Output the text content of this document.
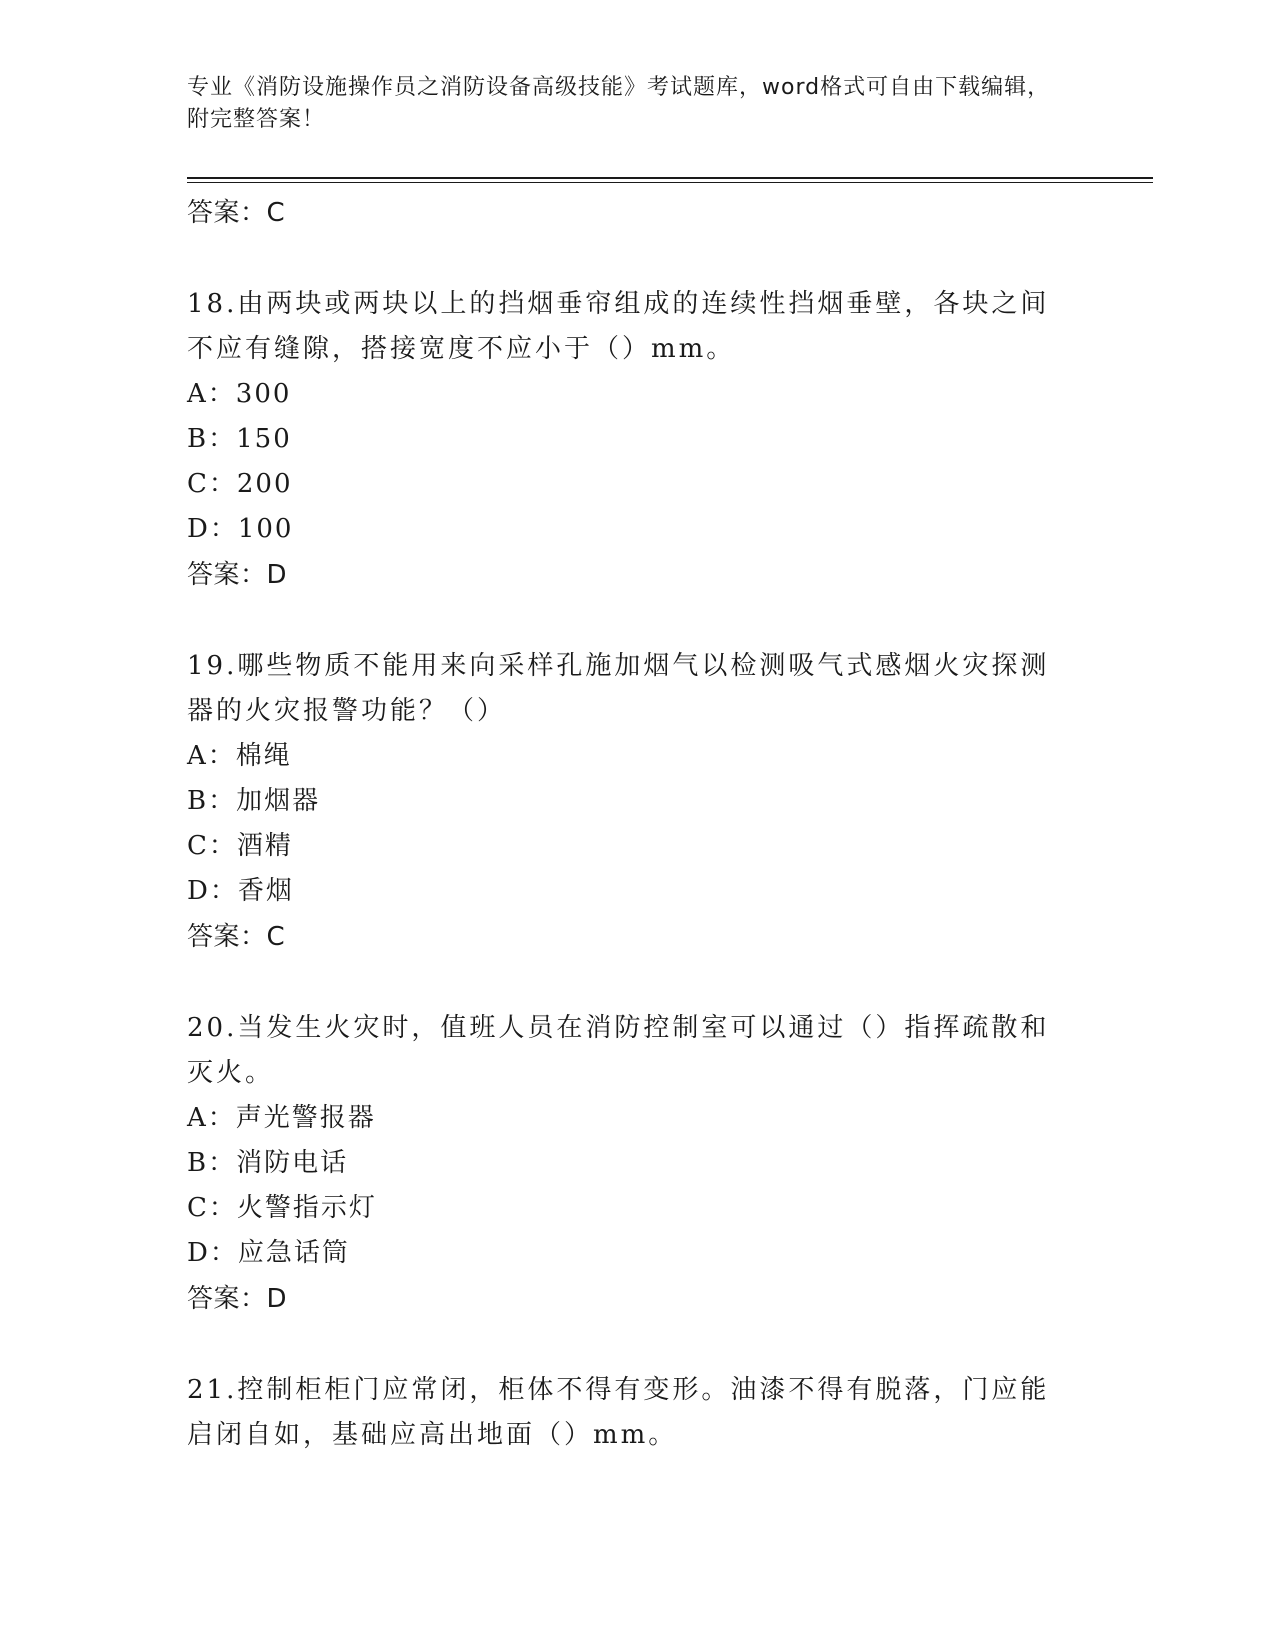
专业《消防设施操作员之消防设备高级技能》考试题库，word格式可自由下载编辑，附完整答案！
答案：C
18.由两块或两块以上的挡烟垂帘组成的连续性挡烟垂壁，各块之间不应有缝隙，搭接宽度不应小于（）mm。
A：300
B：150
C：200
D：100
答案：D
19.哪些物质不能用来向采样孔施加烟气以检测吸气式感烟火灾探测器的火灾报警功能？（）
A：棉绳
B：加烟器
C：酒精
D：香烟
答案：C
20.当发生火灾时，值班人员在消防控制室可以通过（）指挥疏散和灭火。
A：声光警报器
B：消防电话
C：火警指示灯
D：应急话筒
答案：D
21.控制柜柜门应常闭，柜体不得有变形。油漆不得有脱落，门应能启闭自如，基础应高出地面（）mm。
